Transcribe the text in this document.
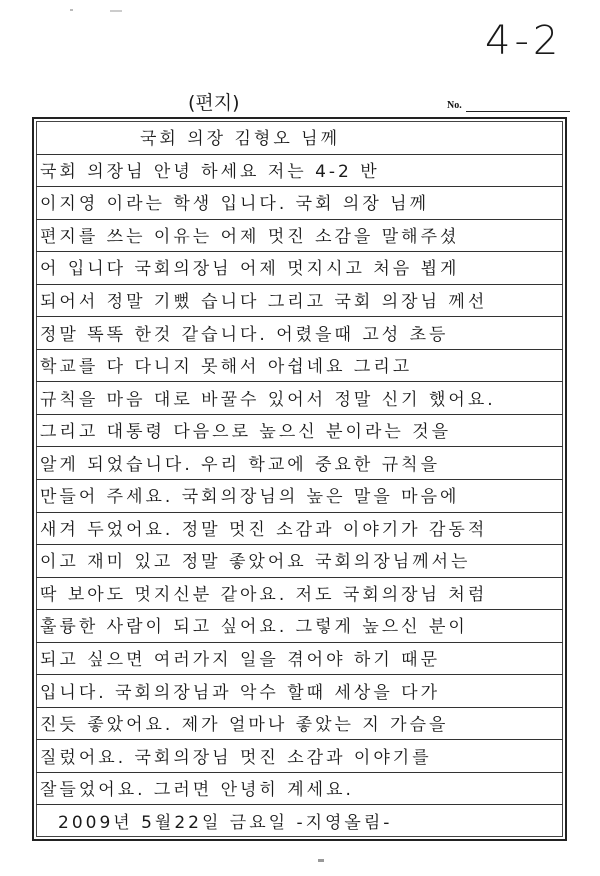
4-2
(편지)	No.
국회 의장 김형오 님께
국회 의장님 안녕 하세요 저는 4-2 반
이지영 이라는 학생 입니다. 국회 의장 님께
편지를 쓰는 이유는 어제 멋진 소감을 말해주셨
어 입니다 국회의장님 어제 멋지시고 처음 뵙게
되어서 정말 기뻤 습니다 그리고 국회 의장님 께선
정말 똑똑 한것 같습니다. 어렸을때 고성 초등
학교를 다 다니지 못해서 아쉽네요 그리고
규칙을 마음 대로 바꿀수 있어서 정말 신기 했어요.
그리고 대통령 다음으로 높으신 분이라는 것을
알게 되었습니다. 우리 학교에 중요한 규칙을
만들어 주세요. 국회의장님의 높은 말을 마음에
새겨 두었어요. 정말 멋진 소감과 이야기가 감동적
이고 재미 있고 정말 좋았어요 국회의장님께서는
딱 보아도 멋지신분 같아요. 저도 국회의장님 처럼
훌륭한 사람이 되고 싶어요. 그렇게 높으신 분이
되고 싶으면 여러가지 일을 겪어야 하기 때문
입니다. 국회의장님과 악수 할때 세상을 다가
진듯 좋았어요. 제가 얼마나 좋았는 지 가슴을
질렀어요. 국회의장님 멋진 소감과 이야기를
잘들었어요. 그러면 안녕히 계세요.
2009년 5월22일 금요일 -지영올림-
